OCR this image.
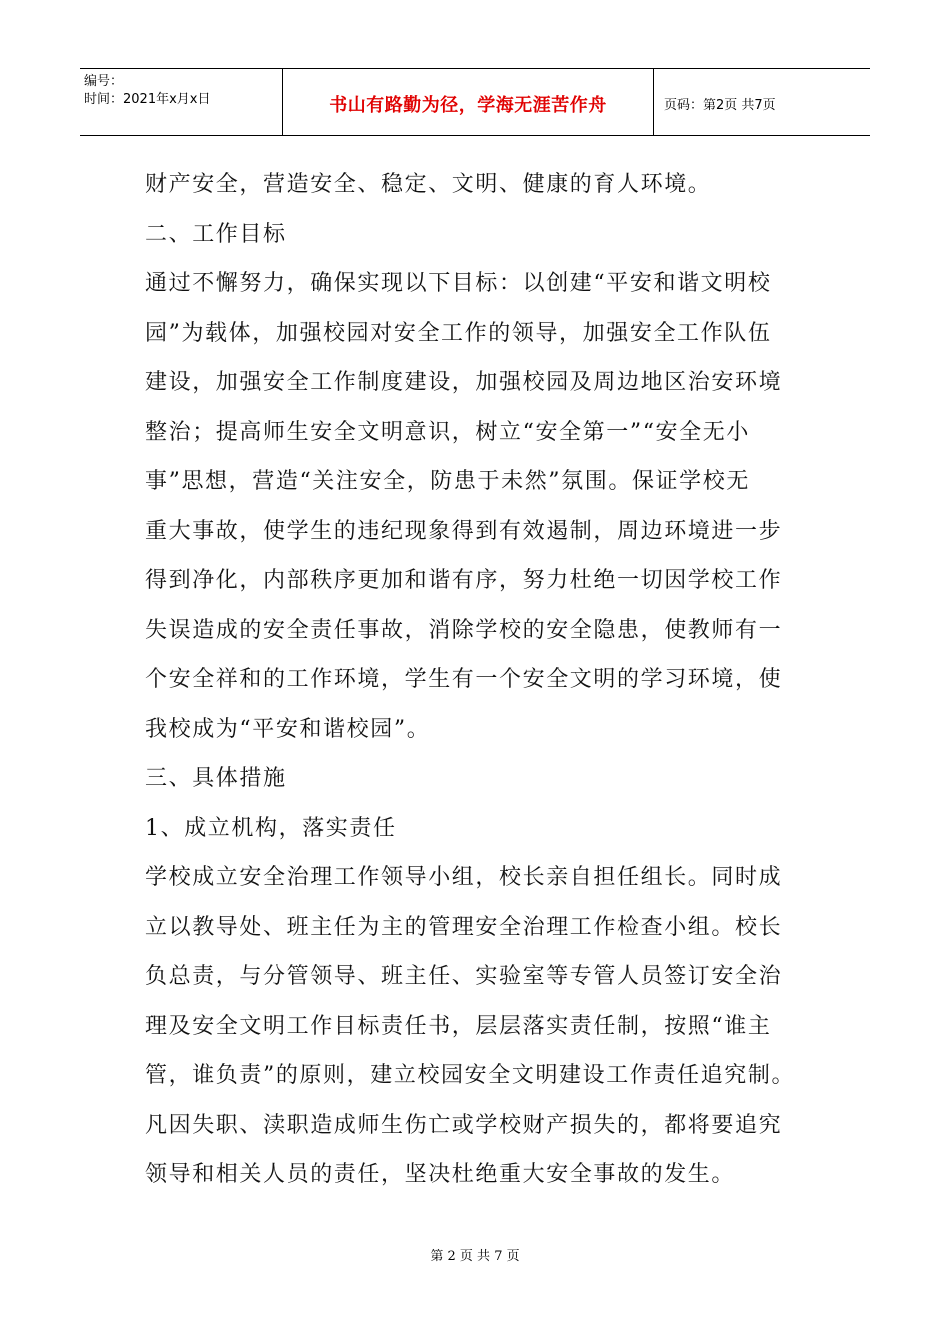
编号：
时间：2021年x月x日	书山有路勤为径，学海无涯苦作舟	页码：第2页 共7页
财产安全，营造安全、稳定、文明、健康的育人环境。
二、工作目标
通过不懈努力，确保实现以下目标：以创建“平安和谐文明校
园”为载体，加强校园对安全工作的领导，加强安全工作队伍
建设，加强安全工作制度建设，加强校园及周边地区治安环境
整治；提高师生安全文明意识，树立“安全第一”“安全无小
事”思想，营造“关注安全，防患于未然”氛围。保证学校无
重大事故，使学生的违纪现象得到有效遏制，周边环境进一步
得到净化，内部秩序更加和谐有序，努力杜绝一切因学校工作
失误造成的安全责任事故，消除学校的安全隐患，使教师有一
个安全祥和的工作环境，学生有一个安全文明的学习环境，使
我校成为“平安和谐校园”。
三、具体措施
1、成立机构，落实责任
学校成立安全治理工作领导小组，校长亲自担任组长。同时成
立以教导处、班主任为主的管理安全治理工作检查小组。校长
负总责，与分管领导、班主任、实验室等专管人员签订安全治
理及安全文明工作目标责任书，层层落实责任制，按照“谁主
管，谁负责”的原则，建立校园安全文明建设工作责任追究制。
凡因失职、渎职造成师生伤亡或学校财产损失的，都将要追究
领导和相关人员的责任，坚决杜绝重大安全事故的发生。
第 2 页 共 7 页
